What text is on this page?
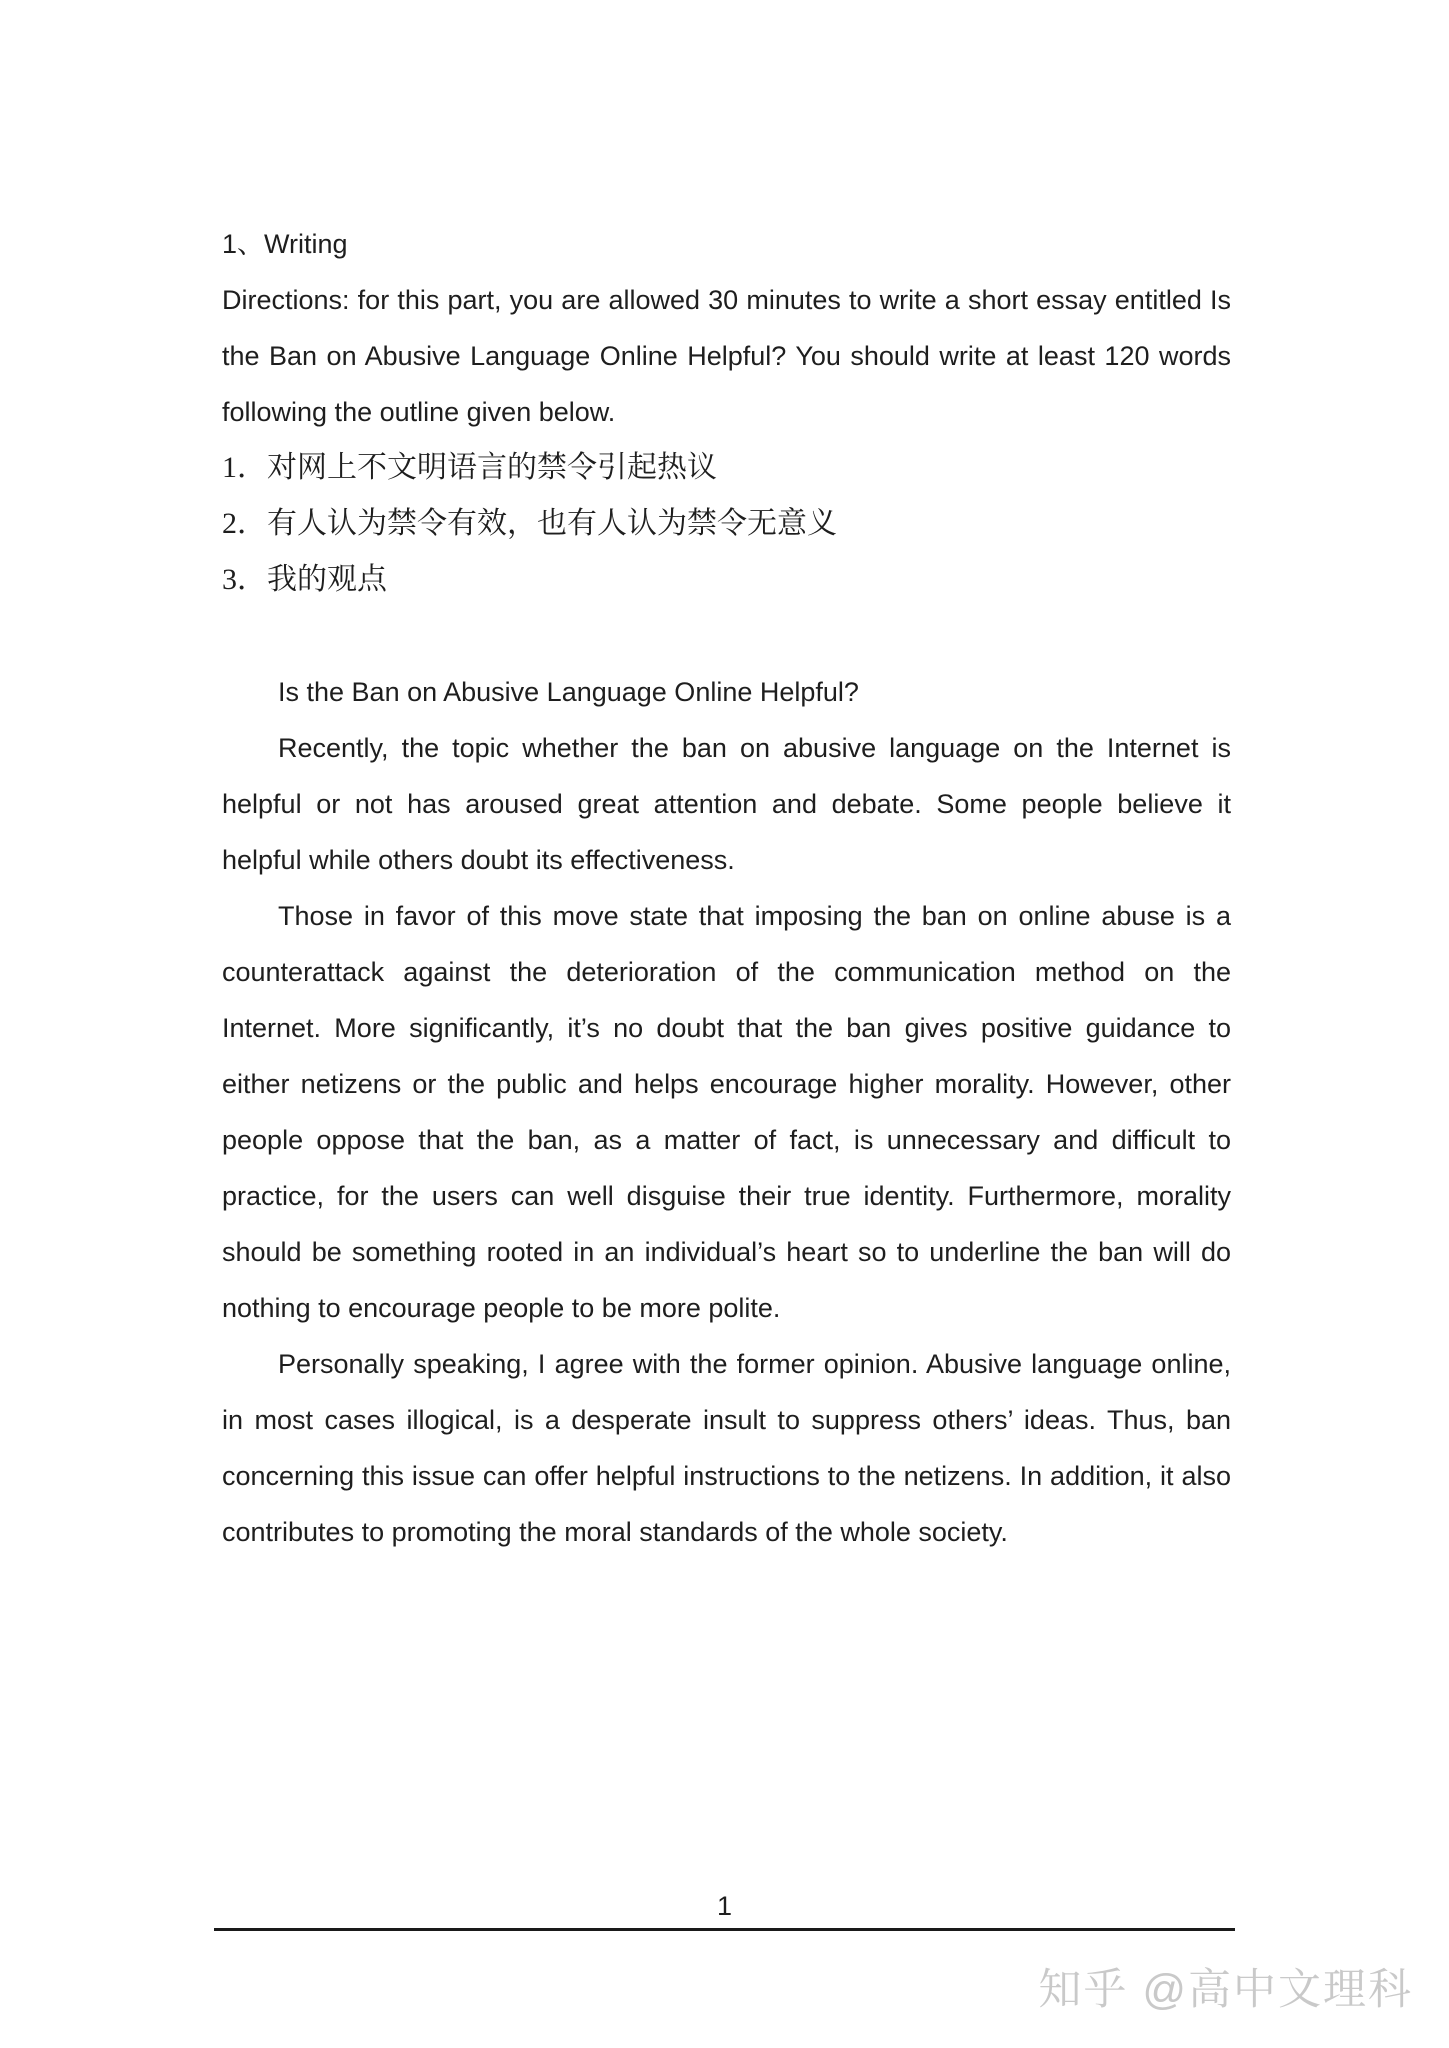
1、Writing
Directions: for this part, you are allowed 30 minutes to write a short essay entitled Is the Ban on Abusive Language Online Helpful? You should write at least 120 words following the outline given below.
1．对网上不文明语言的禁令引起热议
2．有人认为禁令有效，也有人认为禁令无意义
3．我的观点
Is the Ban on Abusive Language Online Helpful?
Recently, the topic whether the ban on abusive language on the Internet is helpful or not has aroused great attention and debate. Some people believe it helpful while others doubt its effectiveness.
Those in favor of this move state that imposing the ban on online abuse is a counterattack against the deterioration of the communication method on the Internet. More significantly, it’s no doubt that the ban gives positive guidance to either netizens or the public and helps encourage higher morality. However, other people oppose that the ban, as a matter of fact, is unnecessary and difficult to practice, for the users can well disguise their true identity. Furthermore, morality should be something rooted in an individual’s heart so to underline the ban will do nothing to encourage people to be more polite.
Personally speaking, I agree with the former opinion. Abusive language online, in most cases illogical, is a desperate insult to suppress others’ ideas. Thus, ban concerning this issue can offer helpful instructions to the netizens. In addition, it also contributes to promoting the moral standards of the whole society.
1
知乎 @高中文理科
